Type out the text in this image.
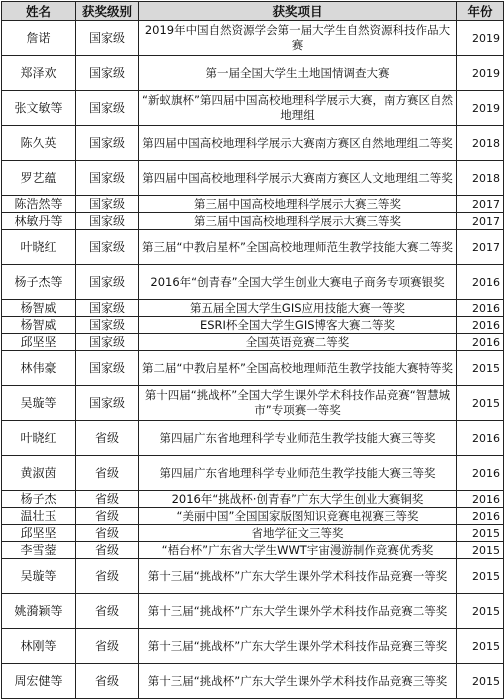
姓名	获奖级别	获奖项目	年份
詹诺	国家级	2019年中国自然资源学会第一届大学生自然资源科技作品大赛	2019
郑泽欢	国家级	第一届全国大学生土地国情调查大赛	2019
张文敏等	国家级	“新蚁旗杯”第四届中国高校地理科学展示大赛，南方赛区自然地理组	2019
陈久英	国家级	第四届中国高校地理科学展示大赛南方赛区自然地理组二等奖	2018
罗艺蕴	国家级	第四届中国高校地理科学展示大赛南方赛区人文地理组二等奖	2018
陈浩然等	国家级	第三届中国高校地理科学展示大赛三等奖	2017
林敏丹等	国家级	第三届中国高校地理科学展示大赛三等奖	2017
叶晓红	国家级	第三届“中教启星杯”全国高校地理师范生教学技能大赛二等奖	2017
杨子杰等	国家级	2016年“创青春”全国大学生创业大赛电子商务专项赛银奖	2016
杨智威	国家级	第五届全国大学生GIS应用技能大赛一等奖	2016
杨智威	国家级	ESRI杯全国大学生GIS博客大赛二等奖	2016
邱坚坚	国家级	全国英语竞赛二等奖	2016
林伟豪	国家级	第二届“中教启星杯”全国高校地理师范生教学技能大赛特等奖	2015
吴璇等	国家级	第十四届“挑战杯”全国大学生课外学术科技作品竞赛“智慧城市”专项赛一等奖	2015
叶晓红	省级	第四届广东省地理科学专业师范生教学技能大赛三等奖	2016
黄淑茵	省级	第四届广东省地理科学专业师范生教学技能大赛三等奖	2016
杨子杰	省级	2016年“挑战杯·创青春”广东大学生创业大赛铜奖	2016
温壮玉	省级	“美丽中国”全国国家版图知识竞赛电视赛三等奖	2016
邱坚坚	省级	省地学征文三等奖	2015
李雪蓥	省级	“梧台杯”广东省大学生WWT宇宙漫游制作竞赛优秀奖	2015
吴璇等	省级	第十三届“挑战杯”广东大学生课外学术科技作品竞赛一等奖	2015
姚漪颖等	省级	第十三届“挑战杯”广东大学生课外学术科技作品竞赛二等奖	2015
林刚等	省级	第十三届“挑战杯”广东大学生课外学术科技作品竞赛三等奖	2015
周宏健等	省级	第十三届“挑战杯”广东大学生课外学术科技作品竞赛三等奖	2015
